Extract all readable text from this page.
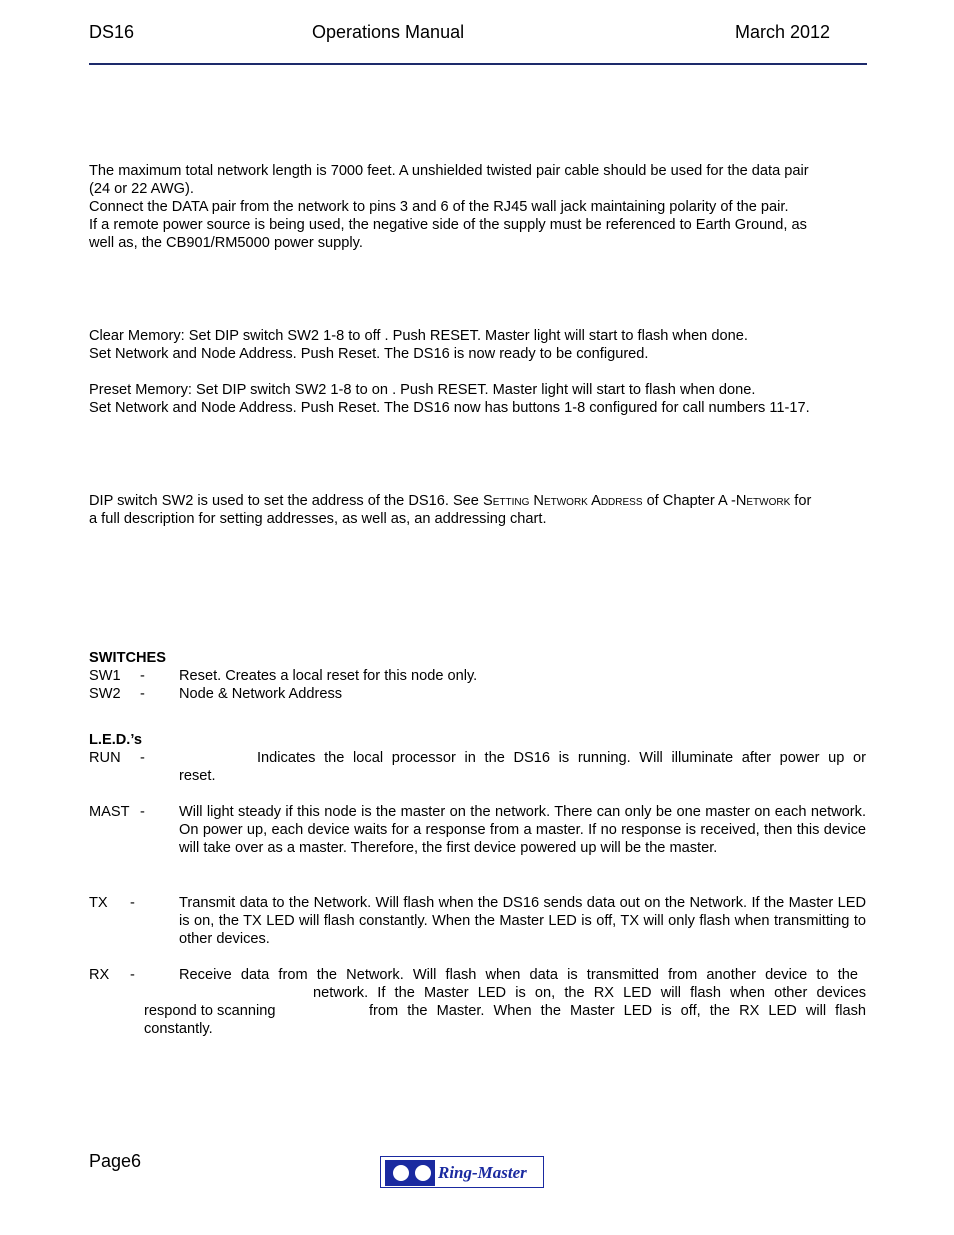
DS16	Operations Manual	March 2012
The maximum total network length is 7000 feet. A unshielded twisted pair cable should be used for the data pair
(24 or 22 AWG).
Connect the DATA pair from the network to pins 3 and 6 of the RJ45 wall jack maintaining polarity of the pair.
If a remote power source is being used, the negative side of the supply must be referenced to Earth Ground, as
well as, the CB901/RM5000 power supply.
Clear Memory: Set DIP switch SW2 1-8 to off . Push RESET. Master light will start to flash when done.
Set Network and Node Address. Push Reset. The DS16 is now ready to be configured.
Preset Memory: Set DIP switch SW2 1-8 to on . Push RESET. Master light will start to flash when done.
Set Network and Node Address. Push Reset. The DS16 now has buttons 1-8 configured for call numbers 11-17.
DIP switch SW2 is used to set the address of the DS16. See Setting Network Address of Chapter A -Network for
a full description for setting addresses, as well as, an addressing chart.
SWITCHES
SW1 - Reset. Creates a local reset for this node only.
SW2 - Node & Network Address
L.E.D.’s
RUN -	Indicates the local processor in the DS16 is running. Will illuminate after power up or
reset.
MAST - Will light steady if this node is the master on the network. There can only be one master on each network. On power up, each device waits for a response from a master. If no response is received, then this device will take over as a master. Therefore, the first device powered up will be the master.
TX -	Transmit data to the Network. Will flash when the DS16 sends data out on the Network. If the Master LED is on, the TX LED will flash constantly. When the Master LED is off, TX will only flash when transmitting to other devices.
RX -	Receive data from the Network. Will flash when data is transmitted from another device to the
network. If the Master LED is on, the RX LED will flash when other devices
respond to scanning	from the Master. When the Master LED is off, the RX LED will flash
constantly.
Page6
Ring-Master
